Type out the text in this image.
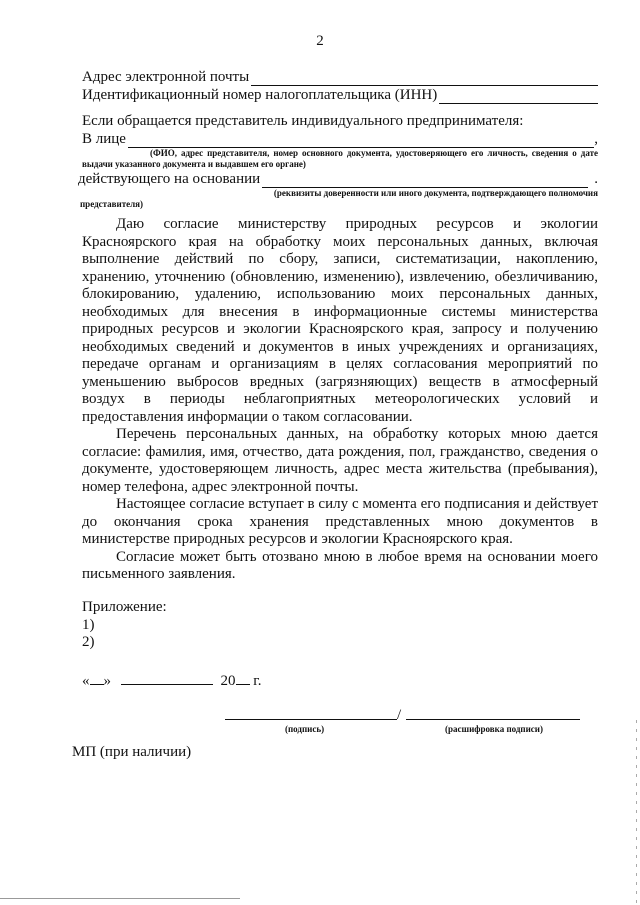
2
Адрес электронной почты
Идентификационный номер налогоплательщика (ИНН)
Если обращается представитель индивидуального предпринимателя:
В лице	,
(ФИО, адрес представителя, номер основного документа, удостоверяющего его личность, сведения о дате выдачи указанного документа и выдавшем его органе)
действующего на основании	.
(реквизиты доверенности или иного документа, подтверждающего полномочия
представителя)

Даю согласие министерству природных ресурсов и экологии Красноярского края на обработку моих персональных данных, включая выполнение действий по сбору, записи, систематизации, накоплению, хранению, уточнению (обновлению, изменению), извлечению, обезличиванию, блокированию, удалению, использованию моих персональных данных, необходимых для внесения в информационные системы министерства природных ресурсов и экологии Красноярского края, запросу и получению необходимых сведений и документов в иных учреждениях и организациях, передаче органам и организациям в целях согласования мероприятий по уменьшению выбросов вредных (загрязняющих) веществ в атмосферный воздух в периоды неблагоприятных метеорологических условий и предоставления информации о таком согласовании.

Перечень персональных данных, на обработку которых мною дается согласие: фамилия, имя, отчество, дата рождения, пол, гражданство, сведения о документе, удостоверяющем личность, адрес места жительства (пребывания), номер телефона, адрес электронной почты.

Настоящее согласие вступает в силу с момента его подписания и действует до окончания срока хранения представленных мною документов в министерстве природных ресурсов и экологии Красноярского края.

Согласие может быть отозвано мною в любое время на основании моего письменного заявления.

Приложение:
1)
2)
« »	20 г.
/
(подпись)	(расшифровка подписи)
МП (при наличии)
